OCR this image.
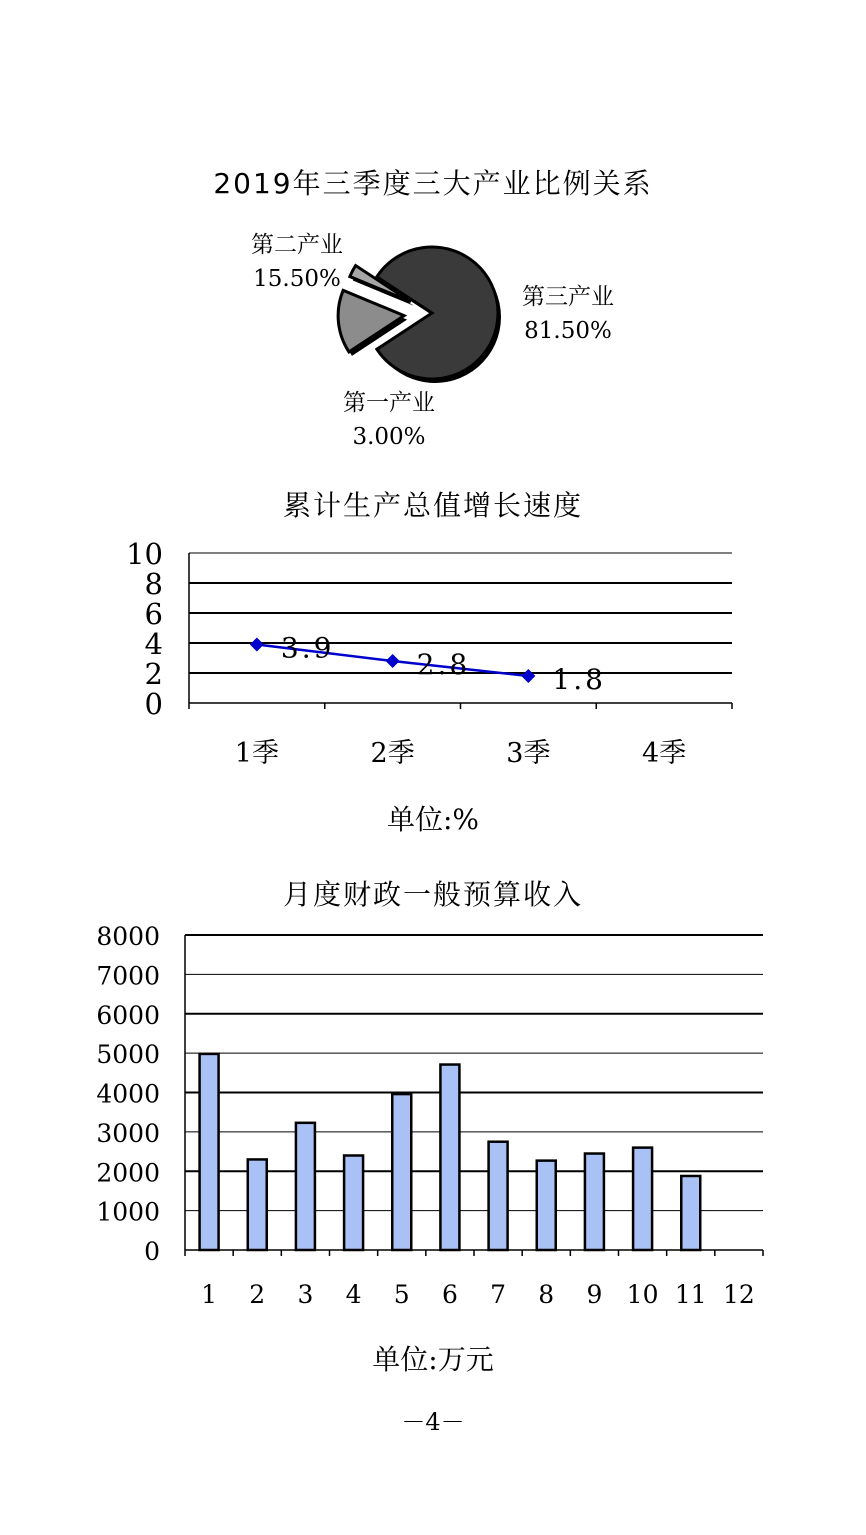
2019年三季度三大产业比例关系
第二产业
15.50%
第三产业
81.50%
第一产业
3.00%
累计生产总值增长速度
0
2
4
6
8
10
1季	2季	3季	4季
3.9	2.8	1.8
单位:%
月度财政一般预算收入
0
1000
2000
3000
4000
5000
6000
7000
8000
1 2 3 4 5 6 7 8 9 10 11 12
单位:万元
－4－
